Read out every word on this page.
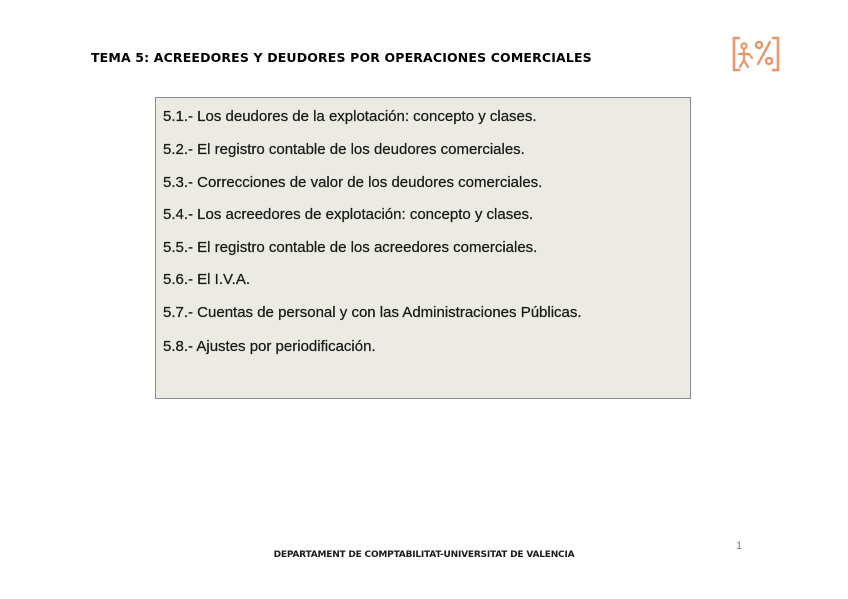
TEMA 5: ACREEDORES Y DEUDORES POR OPERACIONES COMERCIALES
5.1.- Los deudores de la explotación: concepto y clases.
5.2.- El registro contable de los deudores comerciales.
5.3.- Correcciones de valor de los deudores comerciales.
5.4.- Los acreedores de explotación: concepto y clases.
5.5.- El registro contable de los acreedores comerciales.
5.6.- El I.V.A.
5.7.- Cuentas de personal y con las Administraciones Públicas.
5.8.- Ajustes por periodificación.
1
DEPARTAMENT DE COMPTABILITAT-UNIVERSITAT DE VALENCIA
